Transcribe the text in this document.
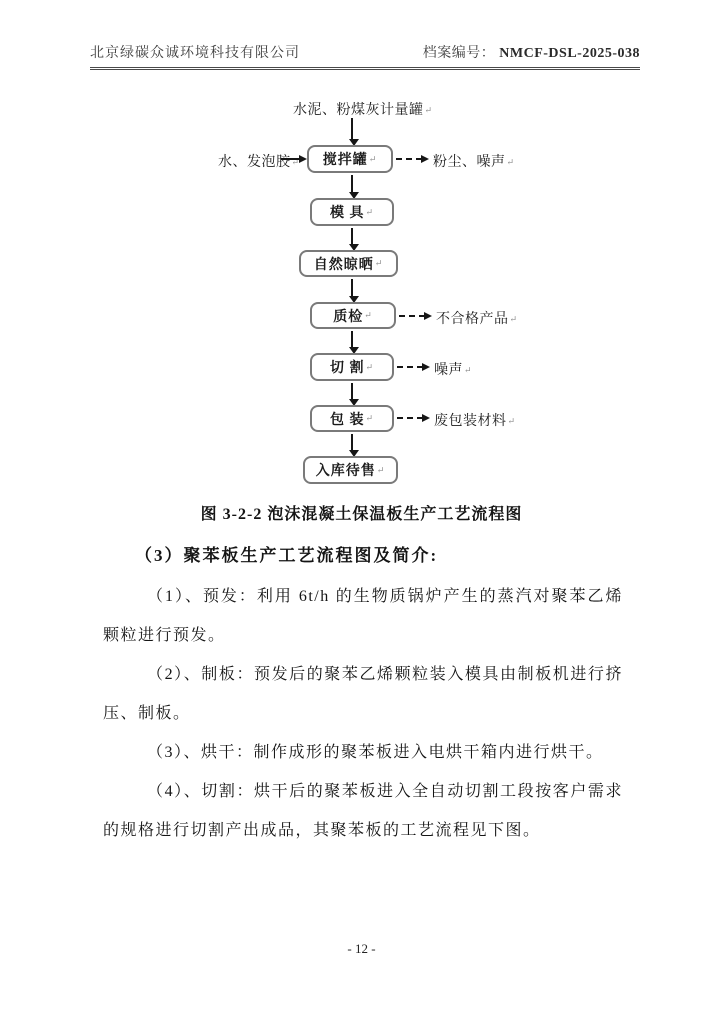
北京绿碳众诚环境科技有限公司	档案编号： NMCF-DSL-2025-038
水泥、粉煤灰计量罐↵
水、发泡胶↵ 搅拌罐 ↵
模 具 ↵
自然晾晒 ↵
质检 ↵
切 割 ↵
包 装 ↵
入库待售 ↵
粉尘、噪声↵
不合格产品↵
噪声↵
废包装材料↵
图 3-2-2 泡沫混凝土保温板生产工艺流程图
（3）聚苯板生产工艺流程图及简介:

（1）、预发：利用 6t/h 的生物质锅炉产生的蒸汽对聚苯乙烯颗粒进行预发。

（2）、制板：预发后的聚苯乙烯颗粒装入模具由制板机进行挤压、制板。

（3）、烘干：制作成形的聚苯板进入电烘干箱内进行烘干。

（4）、切割：烘干后的聚苯板进入全自动切割工段按客户需求的规格进行切割产出成品，其聚苯板的工艺流程见下图。

- 12 -
